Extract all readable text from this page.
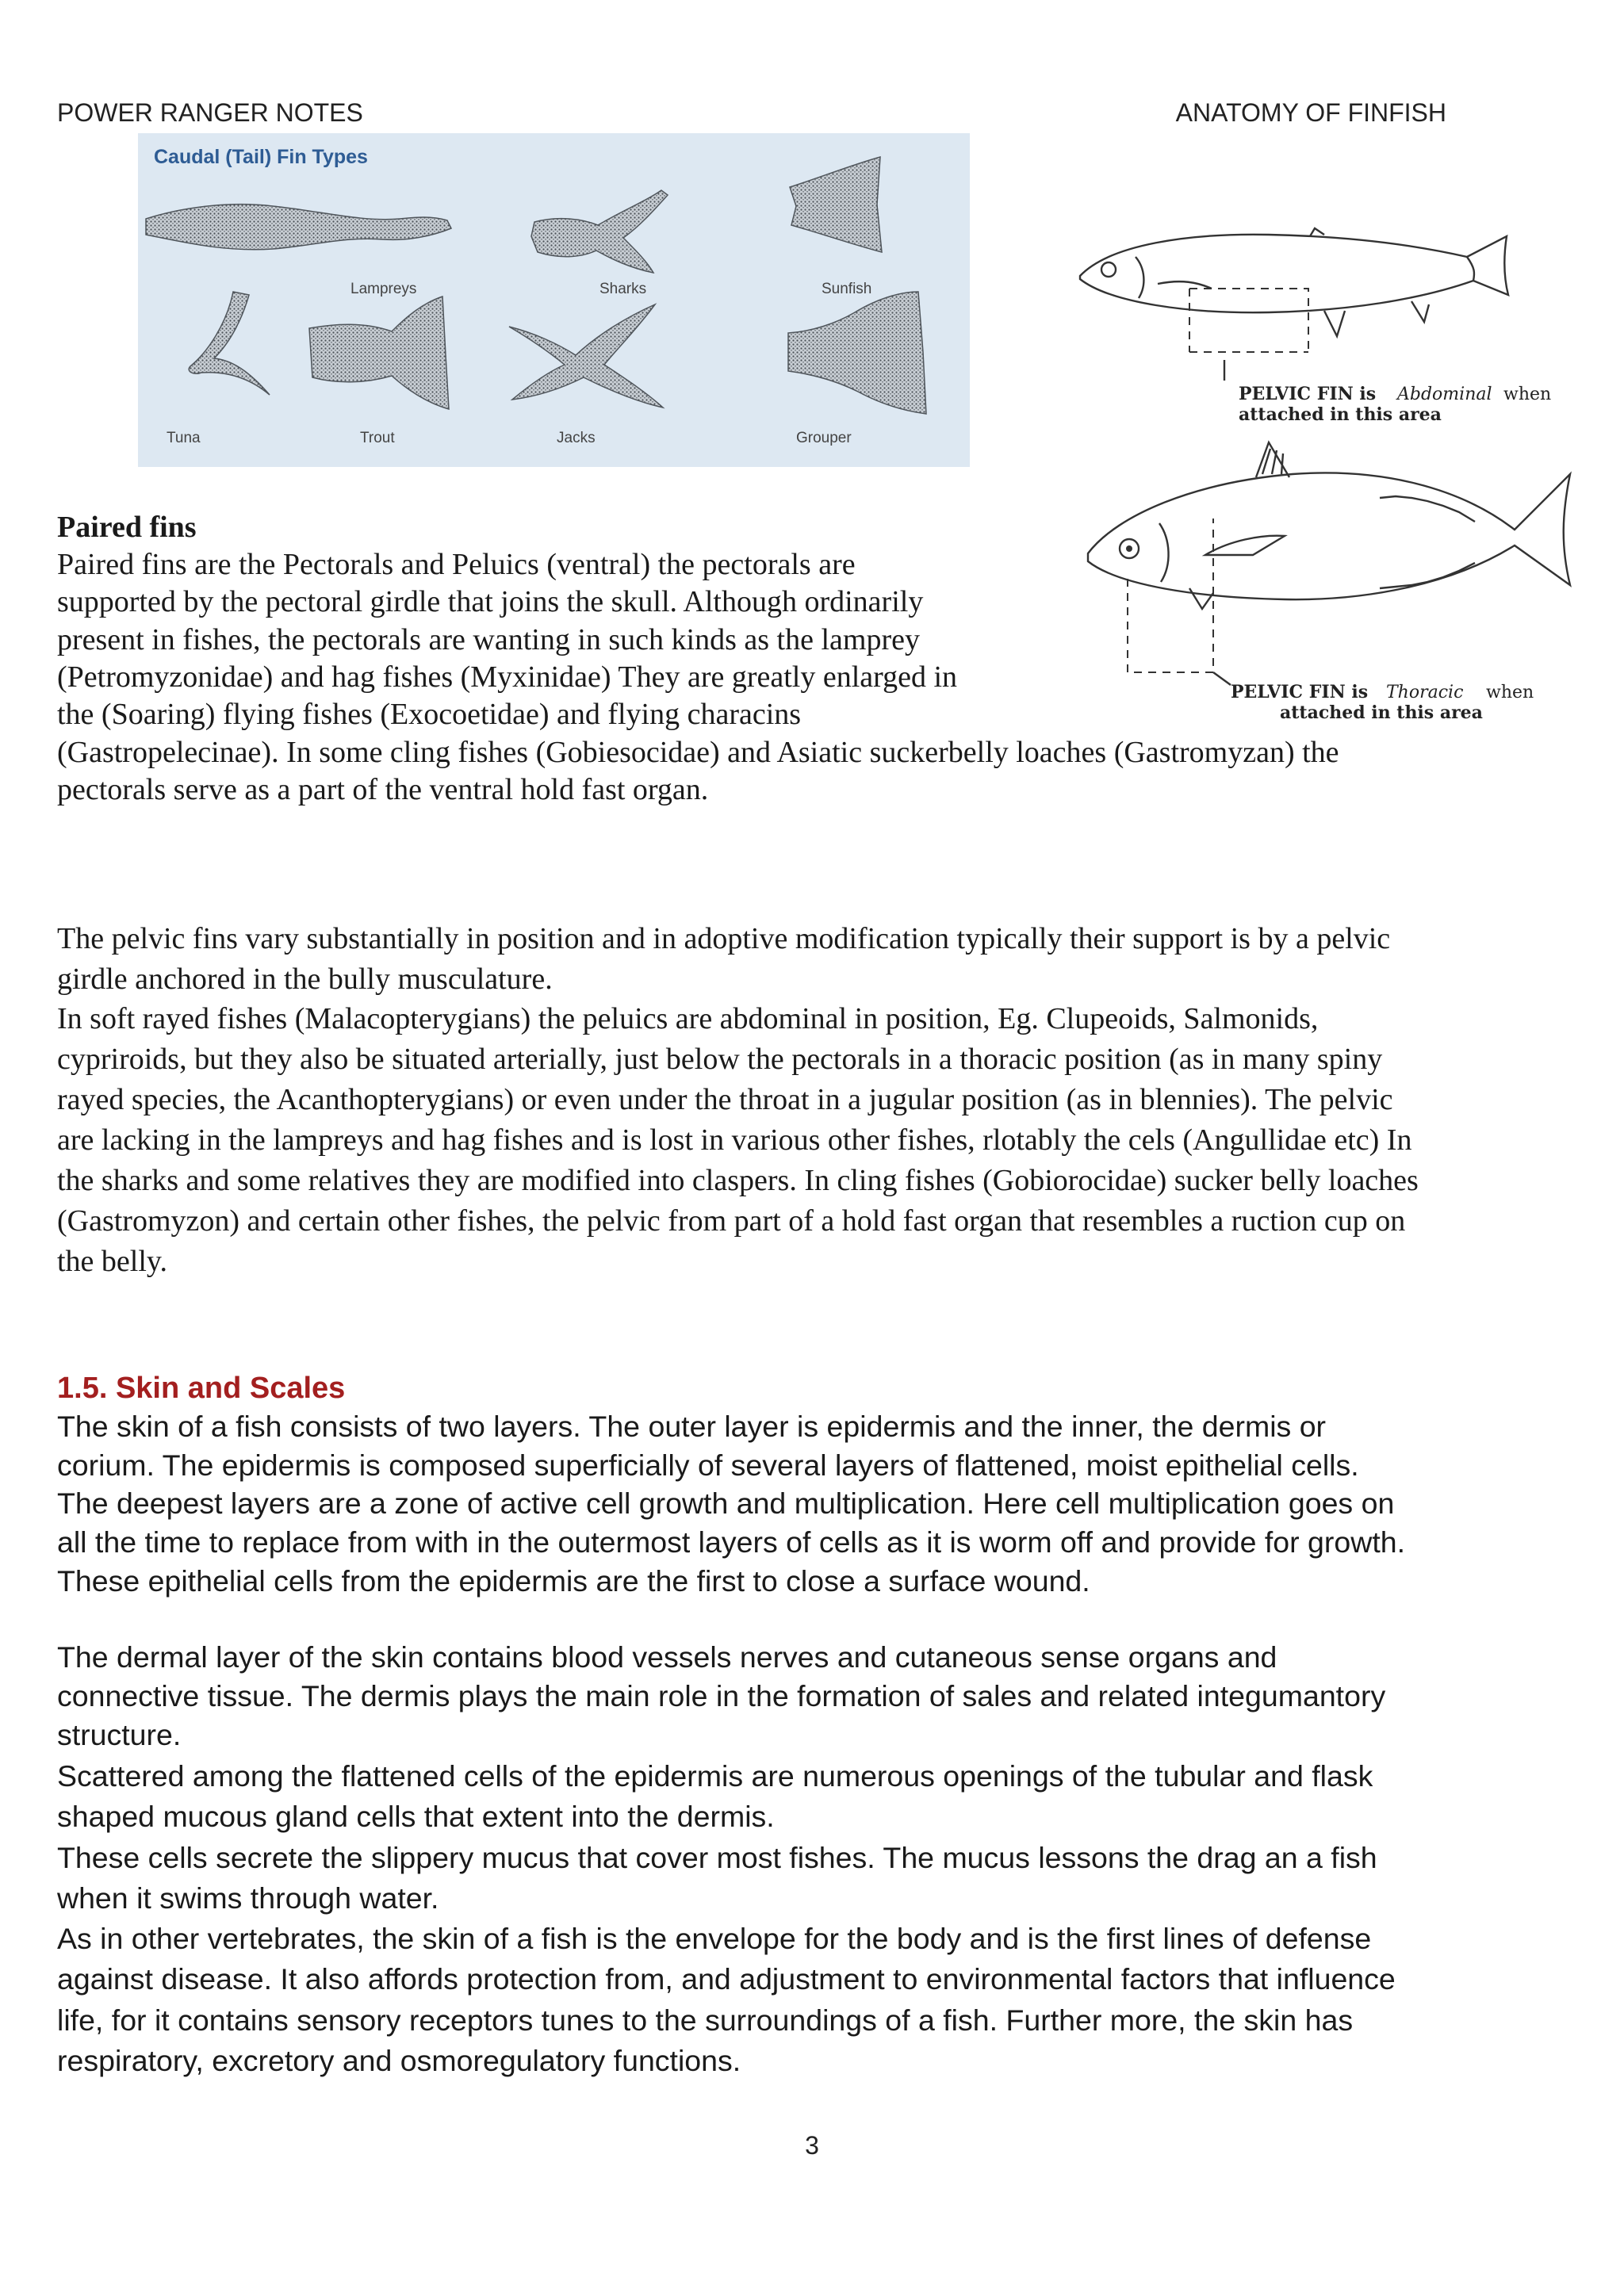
POWER RANGER NOTES	ANATOMY OF FINFISH
Caudal (Tail) Fin Types
Lampreys	Sharks	Sunfish
Tuna	Trout	Jacks	Grouper
PELVIC FIN is Abdominal when
attached in this area
PELVIC FIN is Thoracic when
attached in this area
Paired fins
Paired fins are the Pectorals and Peluics (ventral) the pectorals are
supported by the pectoral girdle that joins the skull. Although ordinarily
present in fishes, the pectorals are wanting in such kinds as the lamprey
(Petromyzonidae) and hag fishes (Myxinidae) They are greatly enlarged in
the (Soaring) flying fishes (Exocoetidae) and flying characins
(Gastropelecinae). In some cling fishes (Gobiesocidae) and Asiatic suckerbelly loaches (Gastromyzan) the
pectorals serve as a part of the ventral hold fast organ.
The pelvic fins vary substantially in position and in adoptive modification typically their support is by a pelvic
girdle anchored in the bully musculature.
In soft rayed fishes (Malacopterygians) the peluics are abdominal in position, Eg. Clupeoids, Salmonids,
cypriroids, but they also be situated arterially, just below the pectorals in a thoracic position (as in many spiny
rayed species, the Acanthopterygians) or even under the throat in a jugular position (as in blennies). The pelvic
are lacking in the lampreys and hag fishes and is lost in various other fishes, rlotably the cels (Angullidae etc) In
the sharks and some relatives they are modified into claspers. In cling fishes (Gobiorocidae) sucker belly loaches
(Gastromyzon) and certain other fishes, the pelvic from part of a hold fast organ that resembles a ruction cup on
the belly.
1.5. Skin and Scales
The skin of a fish consists of two layers. The outer layer is epidermis and the inner, the dermis or
corium. The epidermis is composed superficially of several layers of flattened, moist epithelial cells.
The deepest layers are a zone of active cell growth and multiplication. Here cell multiplication goes on
all the time to replace from with in the outermost layers of cells as it is worm off and provide for growth.
These epithelial cells from the epidermis are the first to close a surface wound.
The dermal layer of the skin contains blood vessels nerves and cutaneous sense organs and
connective tissue. The dermis plays the main role in the formation of sales and related integumantory
structure.
Scattered among the flattened cells of the epidermis are numerous openings of the tubular and flask
shaped mucous gland cells that extent into the dermis.
These cells secrete the slippery mucus that cover most fishes. The mucus lessons the drag an a fish
when it swims through water.
As in other vertebrates, the skin of a fish is the envelope for the body and is the first lines of defense
against disease. It also affords protection from, and adjustment to environmental factors that influence
life, for it contains sensory receptors tunes to the surroundings of a fish. Further more, the skin has
respiratory, excretory and osmoregulatory functions.
3
